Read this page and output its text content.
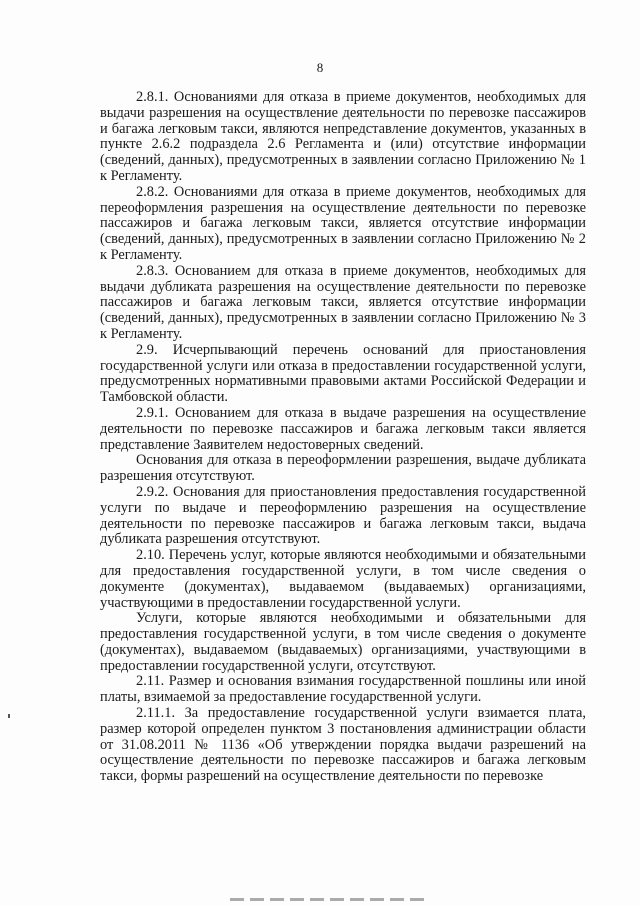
8

2.8.1. Основаниями для отказа в приеме документов, необходимых для выдачи разрешения на осуществление деятельности по перевозке пассажиров и багажа легковым такси, являются непредставление документов, указанных в пункте 2.6.2 подраздела 2.6 Регламента и (или) отсутствие информации (сведений, данных), предусмотренных в заявлении согласно Приложению № 1 к Регламенту.

2.8.2. Основаниями для отказа в приеме документов, необходимых для переоформления разрешения на осуществление деятельности по перевозке пассажиров и багажа легковым такси, является отсутствие информации (сведений, данных), предусмотренных в заявлении согласно Приложению № 2 к Регламенту.

2.8.3. Основанием для отказа в приеме документов, необходимых для выдачи дубликата разрешения на осуществление деятельности по перевозке пассажиров и багажа легковым такси, является отсутствие информации (сведений, данных), предусмотренных в заявлении согласно Приложению № 3 к Регламенту.

2.9. Исчерпывающий перечень оснований для приостановления государственной услуги или отказа в предоставлении государственной услуги, предусмотренных нормативными правовыми актами Российской Федерации и Тамбовской области.

2.9.1. Основанием для отказа в выдаче разрешения на осуществление деятельности по перевозке пассажиров и багажа легковым такси является представление Заявителем недостоверных сведений.

Основания для отказа в переоформлении разрешения, выдаче дубликата разрешения отсутствуют.

2.9.2. Основания для приостановления предоставления государственной услуги по выдаче и переоформлению разрешения на осуществление деятельности по перевозке пассажиров и багажа легковым такси, выдача дубликата разрешения отсутствуют.

2.10. Перечень услуг, которые являются необходимыми и обязательными для предоставления государственной услуги, в том числе сведения о документе (документах), выдаваемом (выдаваемых) организациями, участвующими в предоставлении государственной услуги.

Услуги, которые являются необходимыми и обязательными для предоставления государственной услуги, в том числе сведения о документе (документах), выдаваемом (выдаваемых) организациями, участвующими в предоставлении государственной услуги, отсутствуют.

2.11. Размер и основания взимания государственной пошлины или иной платы, взимаемой за предоставление государственной услуги.

2.11.1. За предоставление государственной услуги взимается плата, размер которой определен пунктом 3 постановления администрации области от 31.08.2011 № 1136 «Об утверждении порядка выдачи разрешений на осуществление деятельности по перевозке пассажиров и багажа легковым такси, формы разрешений на осуществление деятельности по перевозке
